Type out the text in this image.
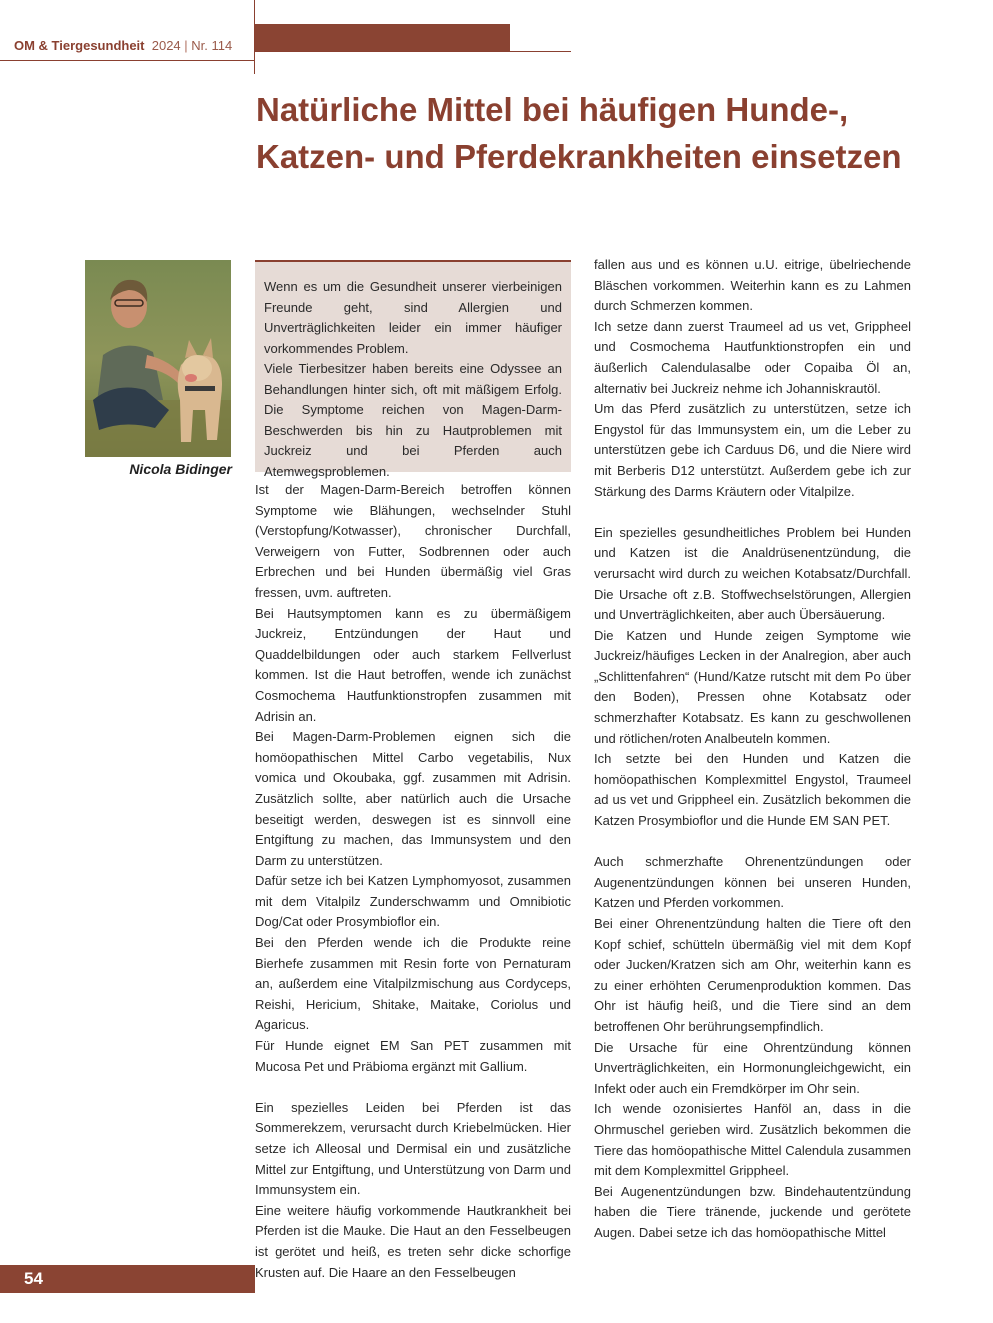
OM & Tiergesundheit 2024 | Nr. 114
Natürliche Mittel bei häufigen Hunde-, Katzen- und Pferdekrankheiten einsetzen
Nicola Bidinger

Wenn es um die Gesundheit unserer vierbeinigen Freunde geht, sind Allergien und Unverträglichkeiten leider ein immer häufiger vorkommendes Problem.

Viele Tierbesitzer haben bereits eine Odyssee an Behandlungen hinter sich, oft mit mäßigem Erfolg. Die Symptome reichen von Magen-Darm-Beschwerden bis hin zu Hautproblemen mit Juckreiz und bei Pferden auch Atemwegsproblemen.

Ist der Magen-Darm-Bereich betroffen können Symptome wie Blähungen, wechselnder Stuhl (Verstopfung/Kotwasser), chronischer Durchfall, Verweigern von Futter, Sodbrennen oder auch Erbrechen und bei Hunden übermäßig viel Gras fressen, uvm. auftreten.

Bei Hautsymptomen kann es zu übermäßigem Juckreiz, Entzündungen der Haut und Quaddelbildungen oder auch starkem Fellverlust kommen. Ist die Haut betroffen, wende ich zunächst Cosmochema Hautfunktionstropfen zusammen mit Adrisin an.

Bei Magen-Darm-Problemen eignen sich die homöopathischen Mittel Carbo vegetabilis, Nux vomica und Okoubaka, ggf. zusammen mit Adrisin. Zusätzlich sollte, aber natürlich auch die Ursache beseitigt werden, deswegen ist es sinnvoll eine Entgiftung zu machen, das Immunsystem und den Darm zu unterstützen.

Dafür setze ich bei Katzen Lymphomyosot, zusammen mit dem Vitalpilz Zunderschwamm und Omnibiotic Dog/Cat oder Prosymbioflor ein.

Bei den Pferden wende ich die Produkte reine Bierhefe zusammen mit Resin forte von Pernaturam an, außerdem eine Vitalpilzmischung aus Cordyceps, Reishi, Hericium, Shitake, Maitake, Coriolus und Agaricus.

Für Hunde eignet EM San PET zusammen mit Mucosa Pet und Präbioma ergänzt mit Gallium.

Ein spezielles Leiden bei Pferden ist das Sommerekzem, verursacht durch Kriebelmücken. Hier setze ich Alleosal und Dermisal ein und zusätzliche Mittel zur Entgiftung, und Unterstützung von Darm und Immunsystem ein.

Eine weitere häufig vorkommende Hautkrankheit bei Pferden ist die Mauke. Die Haut an den Fesselbeugen ist gerötet und heiß, es treten sehr dicke schorfige Krusten auf. Die Haare an den Fesselbeugen

fallen aus und es können u.U. eitrige, übelriechende Bläschen vorkommen. Weiterhin kann es zu Lahmen durch Schmerzen kommen.

Ich setze dann zuerst Traumeel ad us vet, Grippheel und Cosmochema Hautfunktionstropfen ein und äußerlich Calendulasalbe oder Copaiba Öl an, alternativ bei Juckreiz nehme ich Johanniskrautöl.

Um das Pferd zusätzlich zu unterstützen, setze ich Engystol für das Immunsystem ein, um die Leber zu unterstützen gebe ich Carduus D6, und die Niere wird mit Berberis D12 unterstützt. Außerdem gebe ich zur Stärkung des Darms Kräutern oder Vitalpilze.

Ein spezielles gesundheitliches Problem bei Hunden und Katzen ist die Analdrüsenentzündung, die verursacht wird durch zu weichen Kotabsatz/Durchfall. Die Ursache oft z.B. Stoffwechselstörungen, Allergien und Unverträglichkeiten, aber auch Übersäuerung.

Die Katzen und Hunde zeigen Symptome wie Juckreiz/häufiges Lecken in der Analregion, aber auch „Schlittenfahren“ (Hund/Katze rutscht mit dem Po über den Boden), Pressen ohne Kotabsatz oder schmerzhafter Kotabsatz. Es kann zu geschwollenen und rötlichen/roten Analbeuteln kommen.

Ich setzte bei den Hunden und Katzen die homöopathischen Komplexmittel Engystol, Traumeel ad us vet und Grippheel ein. Zusätzlich bekommen die Katzen Prosymbioflor und die Hunde EM SAN PET.

Auch schmerzhafte Ohrenentzündungen oder Augenentzündungen können bei unseren Hunden, Katzen und Pferden vorkommen.

Bei einer Ohrenentzündung halten die Tiere oft den Kopf schief, schütteln übermäßig viel mit dem Kopf oder Jucken/Kratzen sich am Ohr, weiterhin kann es zu einer erhöhten Cerumenproduktion kommen. Das Ohr ist häufig heiß, und die Tiere sind an dem betroffenen Ohr berührungsempfindlich.

Die Ursache für eine Ohrentzündung können Unverträglichkeiten, ein Hormonungleichgewicht, ein Infekt oder auch ein Fremdkörper im Ohr sein.

Ich wende ozonisiertes Hanföl an, dass in die Ohrmuschel gerieben wird. Zusätzlich bekommen die Tiere das homöopathische Mittel Calendula zusammen mit dem Komplexmittel Grippheel.

Bei Augenentzündungen bzw. Bindehautentzündung haben die Tiere tränende, juckende und gerötete Augen. Dabei setze ich das homöopathische Mittel

54
